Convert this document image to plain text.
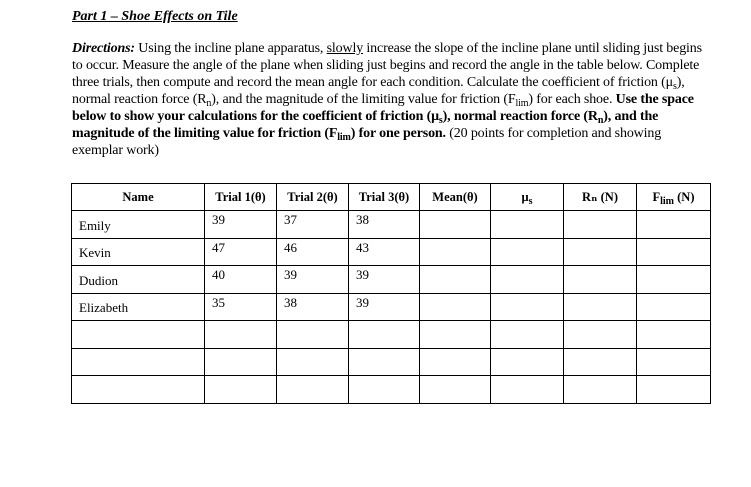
Part 1 – Shoe Effects on Tile
Directions: Using the incline plane apparatus, slowly increase the slope of the incline plane until sliding just begins to occur. Measure the angle of the plane when sliding just begins and record the angle in the table below. Complete three trials, then compute and record the mean angle for each condition. Calculate the coefficient of friction $(\mu_s)$, normal reaction force $(R_n)$, and the magnitude of the limiting value for friction $(F_{lim})$ for each shoe. Use the space below to show your calculations for the coefficient of friction $(\mu_s)$, normal reaction force $(R_n)$, and the magnitude of the limiting value for friction $(F_{lim})$ for one person. (20 points for completion and showing exemplar work)
Name	Trial 1(θ)	Trial 2(θ)	Trial 3(θ)	Mean(θ)	$\mu_s$	Rₙ (N)	$F_{lim}$ (N)

Emily	39	37	38				

Kevin	47	46	43				

Dudion	40	39	39				

Elizabeth	35	38	39				
